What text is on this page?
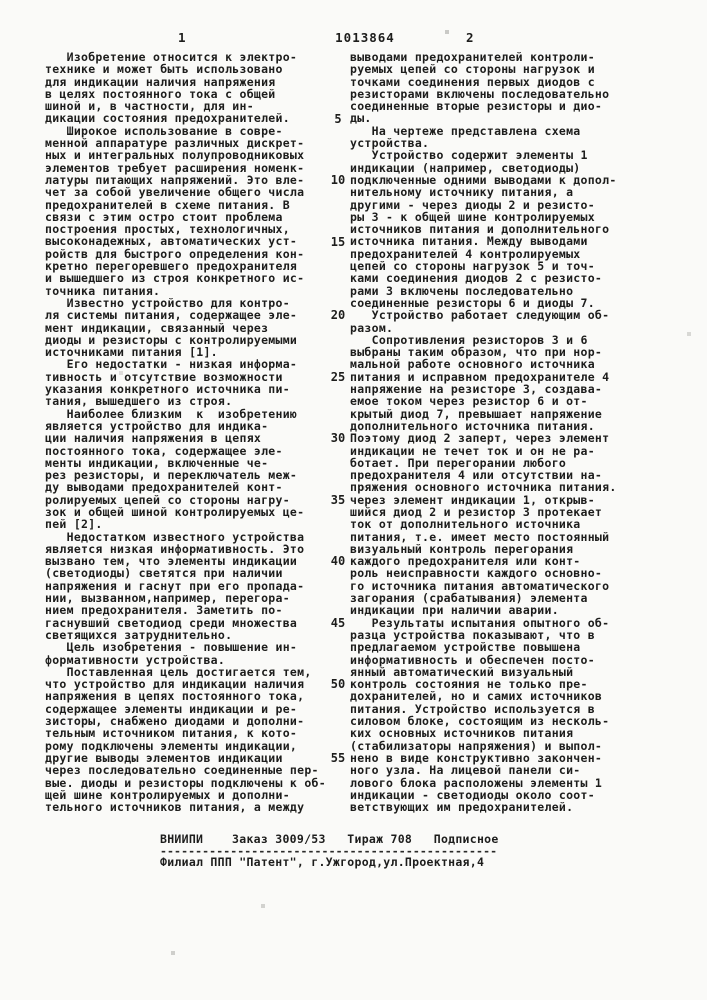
1	1013864	2
Изобретение относится к электро-
технике и может быть использовано
для индикации наличия напряжения
в целях постоянного тока с общей
шиной и, в частности, для ин-
дикации состояния предохранителей.
Широкое использование в совре-
менной аппаратуре различных дискрет-
ных и интегральных полупроводниковых
элементов требует расширения номенк-
латуры питающих напряжений. Это вле-
чет за собой увеличение общего числа
предохранителей в схеме питания. В
связи с этим остро стоит проблема
построения простых, технологичных,
высоконадежных, автоматических уст-
ройств для быстрого определения кон-
кретно перегоревшего предохранителя
и вышедшего из строя конкретного ис-
точника питания.
Известно устройство для контро-
ля системы питания, содержащее эле-
мент индикации, связанный через
диоды и резисторы с контролируемыми
источниками питания [1].
Его недостатки - низкая информа-
тивность и отсутствие возможности
указания конкретного источника пи-
тания, вышедшего из строя.
Наиболее близким  к  изобретению
является устройство для индика-
ции наличия напряжения в цепях
постоянного тока, содержащее эле-
менты индикации, включенные че-
рез резисторы, и переключатель меж-
ду выводами предохранителей конт-
ролируемых цепей со стороны нагру-
зок и общей шиной контролируемых це-
пей [2].
Недостатком известного устройства
является низкая информативность. Это
вызвано тем, что элементы индикации
(светодиоды) светятся при наличии
напряжения и гаснут при его пропада-
нии, вызванном,например, перегора-
нием предохранителя. Заметить по-
гаснувший светодиод среди множества
светящихся затруднительно.
Цель изобретения - повышение ин-
формативности устройства.
Поставленная цель достигается тем,
что устройство для индикации наличия
напряжения в цепях постоянного тока,
содержащее элементы индикации и ре-
зисторы, снабжено диодами и дополни-
тельным источником питания, к кото-
рому подключены элементы индикации,
другие выводы элементов индикации
через последовательно соединенные пер-
вые. диоды и резисторы подключены к об-
щей шине контролируемых и дополни-
тельного источников питания, а между
5
10
15
20
25
30
35
40
45
50
55
выводами предохранителей контроли-
руемых цепей со стороны нагрузок и
точками соединения первых диодов с
резисторами включены последовательно
соединенные вторые резисторы и дио-
ды.
На чертеже представлена схема
устройства.
Устройство содержит элементы 1
индикации (например, светодиоды)
подключенные одними выводами к допол-
нительному источнику питания, а
другими - через диоды 2 и резисто-
ры 3 - к общей шине контролируемых
источников питания и дополнительного
источника питания. Между выводами
предохранителей 4 контролируемых
цепей со стороны нагрузок 5 и точ-
ками соединения диодов 2 с резисто-
рами 3 включены последовательно
соединенные резисторы 6 и диоды 7.
Устройство работает следующим об-
разом.
Сопротивления резисторов 3 и 6
выбраны таким образом, что при нор-
мальной работе основного источника
питания и исправном предохранителе 4
напряжение на резисторе 3, создава-
емое током через резистор 6 и от-
крытый диод 7, превышает напряжение
дополнительного источника питания.
Поэтому диод 2 заперт, через элемент
индикации не течет ток и он не ра-
ботает. При перегорании любого
предохранителя 4 или отсутствии на-
пряжения основного источника питания.
через элемент индикации 1, открыв-
шийся диод 2 и резистор 3 протекает
ток от дополнительного источника
питания, т.е. имеет место постоянный
визуальный контроль перегорания
каждого предохранителя или конт-
роль неисправности каждого основно-
го источника питания автоматического
загорания (срабатывания) элемента
индикации при наличии аварии.
Результаты испытания опытного об-
разца устройства показывают, что в
предлагаемом устройстве повышена
информативность и обеспечен посто-
янный автоматический визуальный
контроль состояния не только пре-
дохранителей, но и самих источников
питания. Устройство используется в
силовом блоке, состоящим из несколь-
ких основных источников питания
(стабилизаторы напряжения) и выпол-
нено в виде конструктивно закончен-
ного узла. На лицевой панели си-
лового блока расположены элементы 1
индикации - светодиоды около соот-
ветствующих им предохранителей.
ВНИИПИ    Заказ 3009/53   Тираж 708   Подписное
------------------------------------------------
Филиал ППП "Патент", г.Ужгород,ул.Проектная,4
